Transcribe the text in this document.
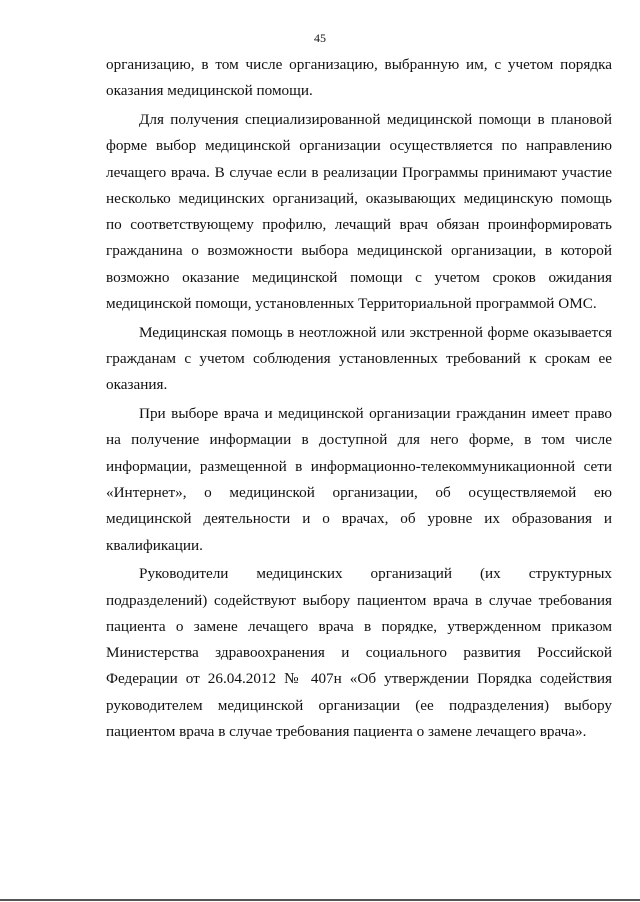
45
организацию, в том числе организацию, выбранную им, с учетом порядка
оказания медицинской помощи.
Для получения специализированной медицинской помощи в плановой
форме выбор медицинской организации осуществляется по направлению
лечащего врача. В случае если в реализации Программы принимают участие
несколько медицинских организаций, оказывающих медицинскую помощь
по соответствующему профилю, лечащий врач обязан проинформировать
гражданина о возможности выбора медицинской организации, в которой
возможно оказание медицинской помощи с учетом сроков ожидания
медицинской помощи, установленных Территориальной программой ОМС.
Медицинская помощь в неотложной или экстренной форме оказывается
гражданам с учетом соблюдения установленных требований к срокам ее
оказания.
При выборе врача и медицинской организации гражданин имеет право
на получение информации в доступной для него форме, в том числе
информации, размещенной в информационно-телекоммуникационной сети
«Интернет», о медицинской организации, об осуществляемой ею
медицинской деятельности и о врачах, об уровне их образования и
квалификации.
Руководители медицинских организаций (их структурных
подразделений) содействуют выбору пациентом врача в случае требования
пациента о замене лечащего врача в порядке, утвержденном приказом
Министерства здравоохранения и социального развития Российской
Федерации от 26.04.2012 № 407н «Об утверждении Порядка содействия
руководителем медицинской организации (ее подразделения) выбору
пациентом врача в случае требования пациента о замене лечащего врача».
